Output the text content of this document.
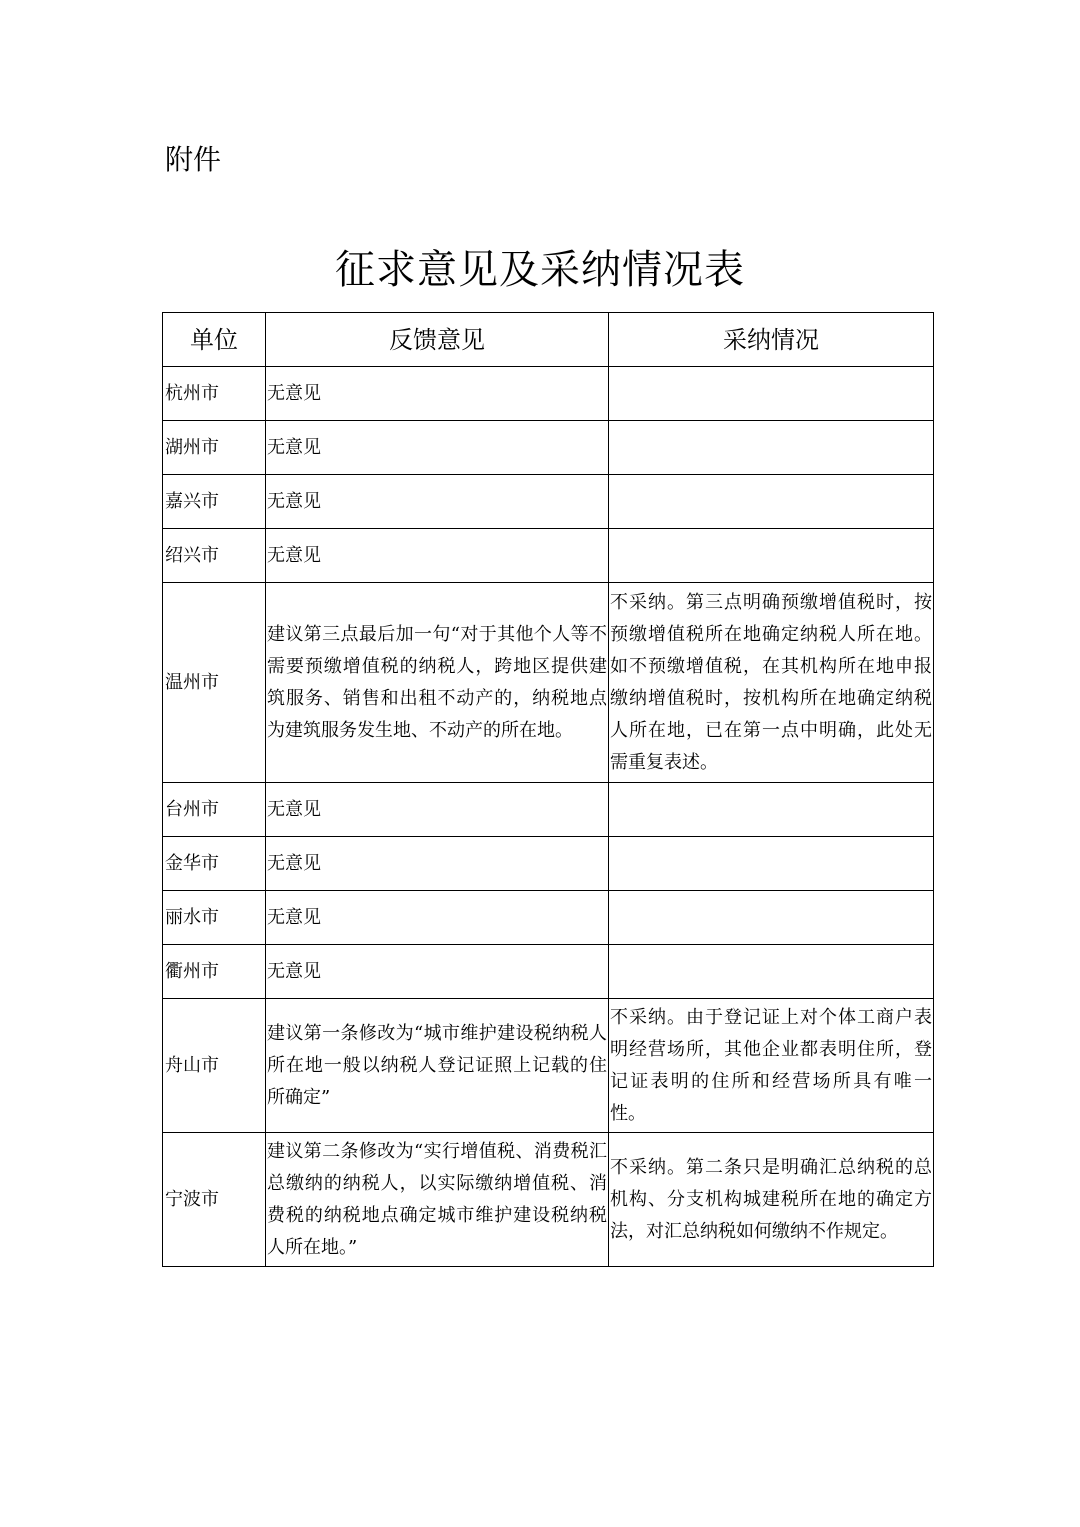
附件
征求意见及采纳情况表
单位	反馈意见	采纳情况
杭州市	无意见	
湖州市	无意见	
嘉兴市	无意见	
绍兴市	无意见	
温州市	建议第三点最后加一句“对于其他个人等不需要预缴增值税的纳税人，跨地区提供建筑服务、销售和出租不动产的，纳税地点为建筑服务发生地、不动产的所在地。	不采纳。第三点明确预缴增值税时，按预缴增值税所在地确定纳税人所在地。如不预缴增值税，在其机构所在地申报缴纳增值税时，按机构所在地确定纳税人所在地，已在第一点中明确，此处无需重复表述。
台州市	无意见	
金华市	无意见	
丽水市	无意见	
衢州市	无意见	
舟山市	建议第一条修改为“城市维护建设税纳税人所在地一般以纳税人登记证照上记载的住所确定”	不采纳。由于登记证上对个体工商户表明经营场所，其他企业都表明住所，登记证表明的住所和经营场所具有唯一性。
宁波市	建议第二条修改为“实行增值税、消费税汇总缴纳的纳税人，以实际缴纳增值税、消费税的纳税地点确定城市维护建设税纳税人所在地。”	不采纳。第二条只是明确汇总纳税的总机构、分支机构城建税所在地的确定方法，对汇总纳税如何缴纳不作规定。
